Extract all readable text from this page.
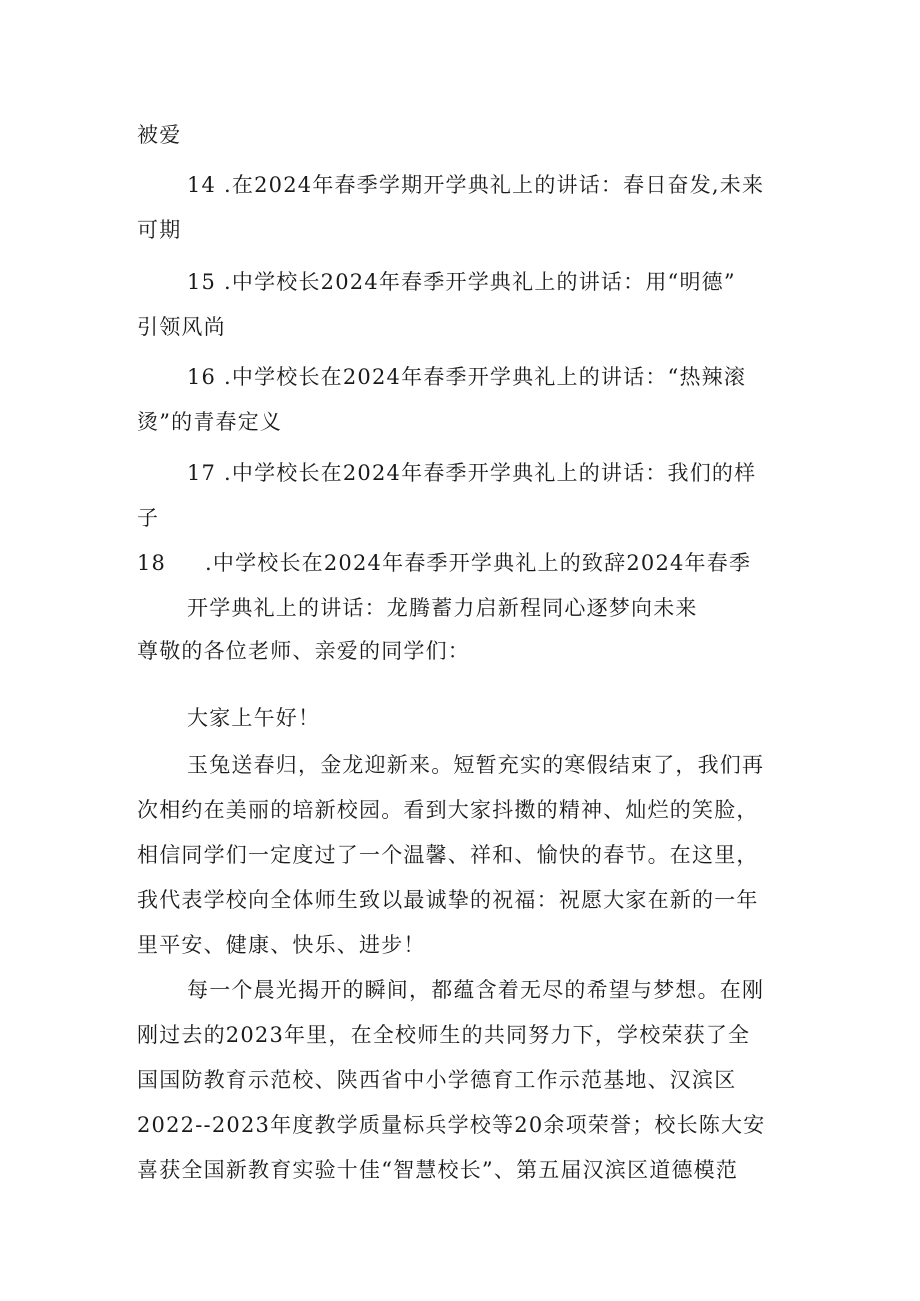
被爱
14 .在2024年春季学期开学典礼上的讲话：春日奋发,未来
可期
15 .中学校长2024年春季开学典礼上的讲话：用“明德”
引领风尚
16 .中学校长在2024年春季开学典礼上的讲话：“热辣滚
烫”的青春定义
17 .中学校长在2024年春季开学典礼上的讲话：我们的样
子
18 .中学校长在2024年春季开学典礼上的致辞2024年春季
开学典礼上的讲话：龙腾蓄力启新程同心逐梦向未来
尊敬的各位老师、亲爱的同学们：
大家上午好！
玉兔送春归，金龙迎新来。短暂充实的寒假结束了，我们再
次相约在美丽的培新校园。看到大家抖擞的精神、灿烂的笑脸，
相信同学们一定度过了一个温馨、祥和、愉快的春节。在这里，
我代表学校向全体师生致以最诚挚的祝福：祝愿大家在新的一年
里平安、健康、快乐、进步！
每一个晨光揭开的瞬间，都蕴含着无尽的希望与梦想。在刚
刚过去的2023年里，在全校师生的共同努力下，学校荣获了全
国国防教育示范校、陕西省中小学德育工作示范基地、汉滨区
2022--2023年度教学质量标兵学校等20余项荣誉；校长陈大安
喜获全国新教育实验十佳“智慧校长”、第五届汉滨区道德模范
